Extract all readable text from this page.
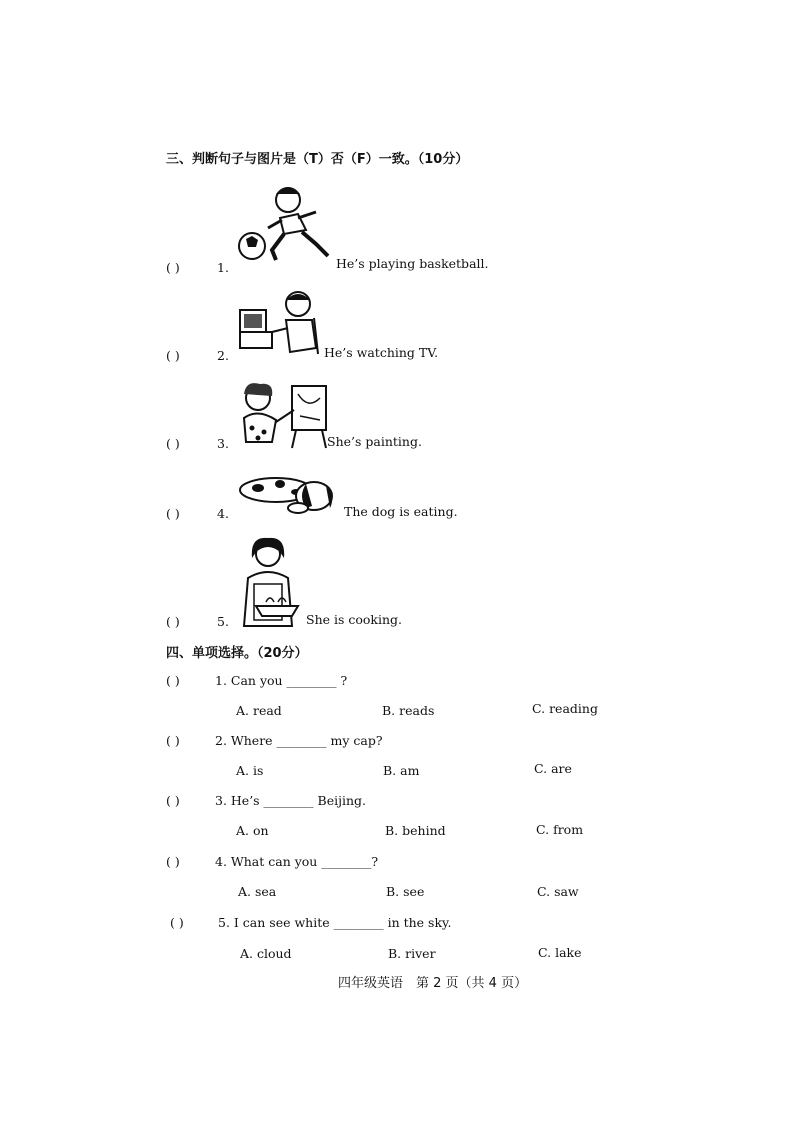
三、判断句子与图片是（T）否（F）一致。（10分）
( )	1.	He’s playing basketball.
( )	2.	He’s watching TV.
( )	3.	She’s painting.
( )	4.	The dog is eating.
( )	5.	She is cooking.
四、单项选择。（20分）
( )	1. Can you ________ ?
A. read	B. reads	C. reading
( )	2. Where ________ my cap?
A. is	B. am	C. are
( )	3. He’s ________ Beijing.
A. on	B. behind	C. from
( )	4. What can you ________?
A. sea	B. see	C. saw
( )	5. I can see white ________ in the sky.
A. cloud	B. river	C. lake
四年级英语　第 2 页（共 4 页）
